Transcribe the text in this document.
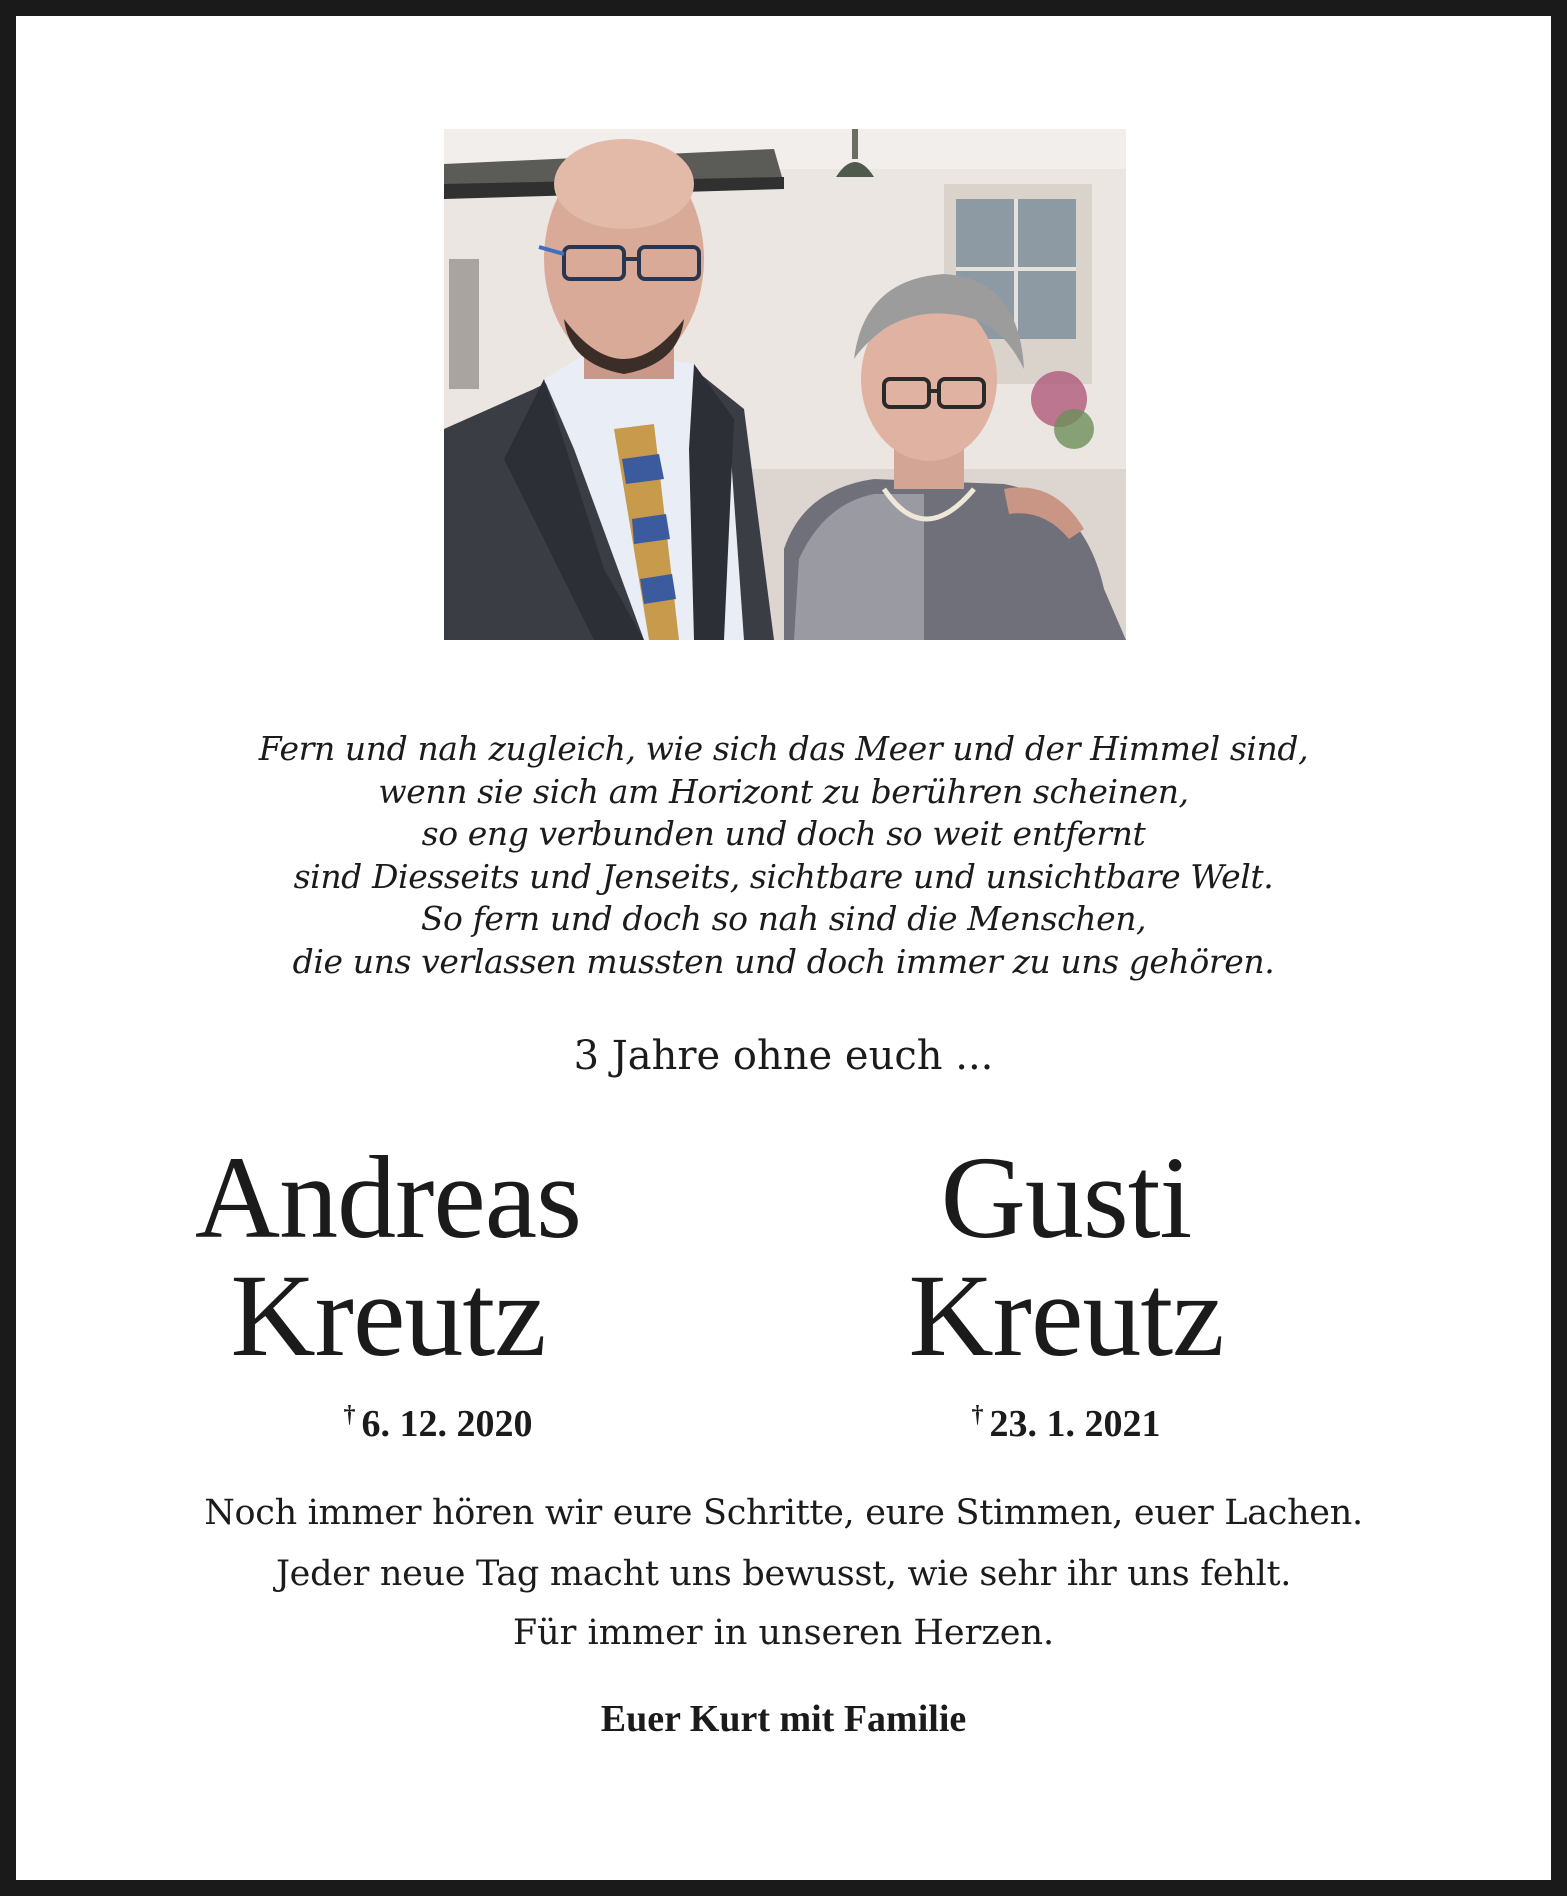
Fern und nah zugleich, wie sich das Meer und der Himmel sind,
wenn sie sich am Horizont zu berühren scheinen,
so eng verbunden und doch so weit entfernt
sind Diesseits und Jenseits, sichtbare und unsichtbare Welt.
So fern und doch so nah sind die Menschen,
die uns verlassen mussten und doch immer zu uns gehören.
3 Jahre ohne euch ...
Andreas
Kreutz
Gusti
Kreutz
† 6. 12. 2020	† 23. 1. 2021
Noch immer hören wir eure Schritte, eure Stimmen, euer Lachen.
Jeder neue Tag macht uns bewusst, wie sehr ihr uns fehlt.
Für immer in unseren Herzen.
Euer Kurt mit Familie
